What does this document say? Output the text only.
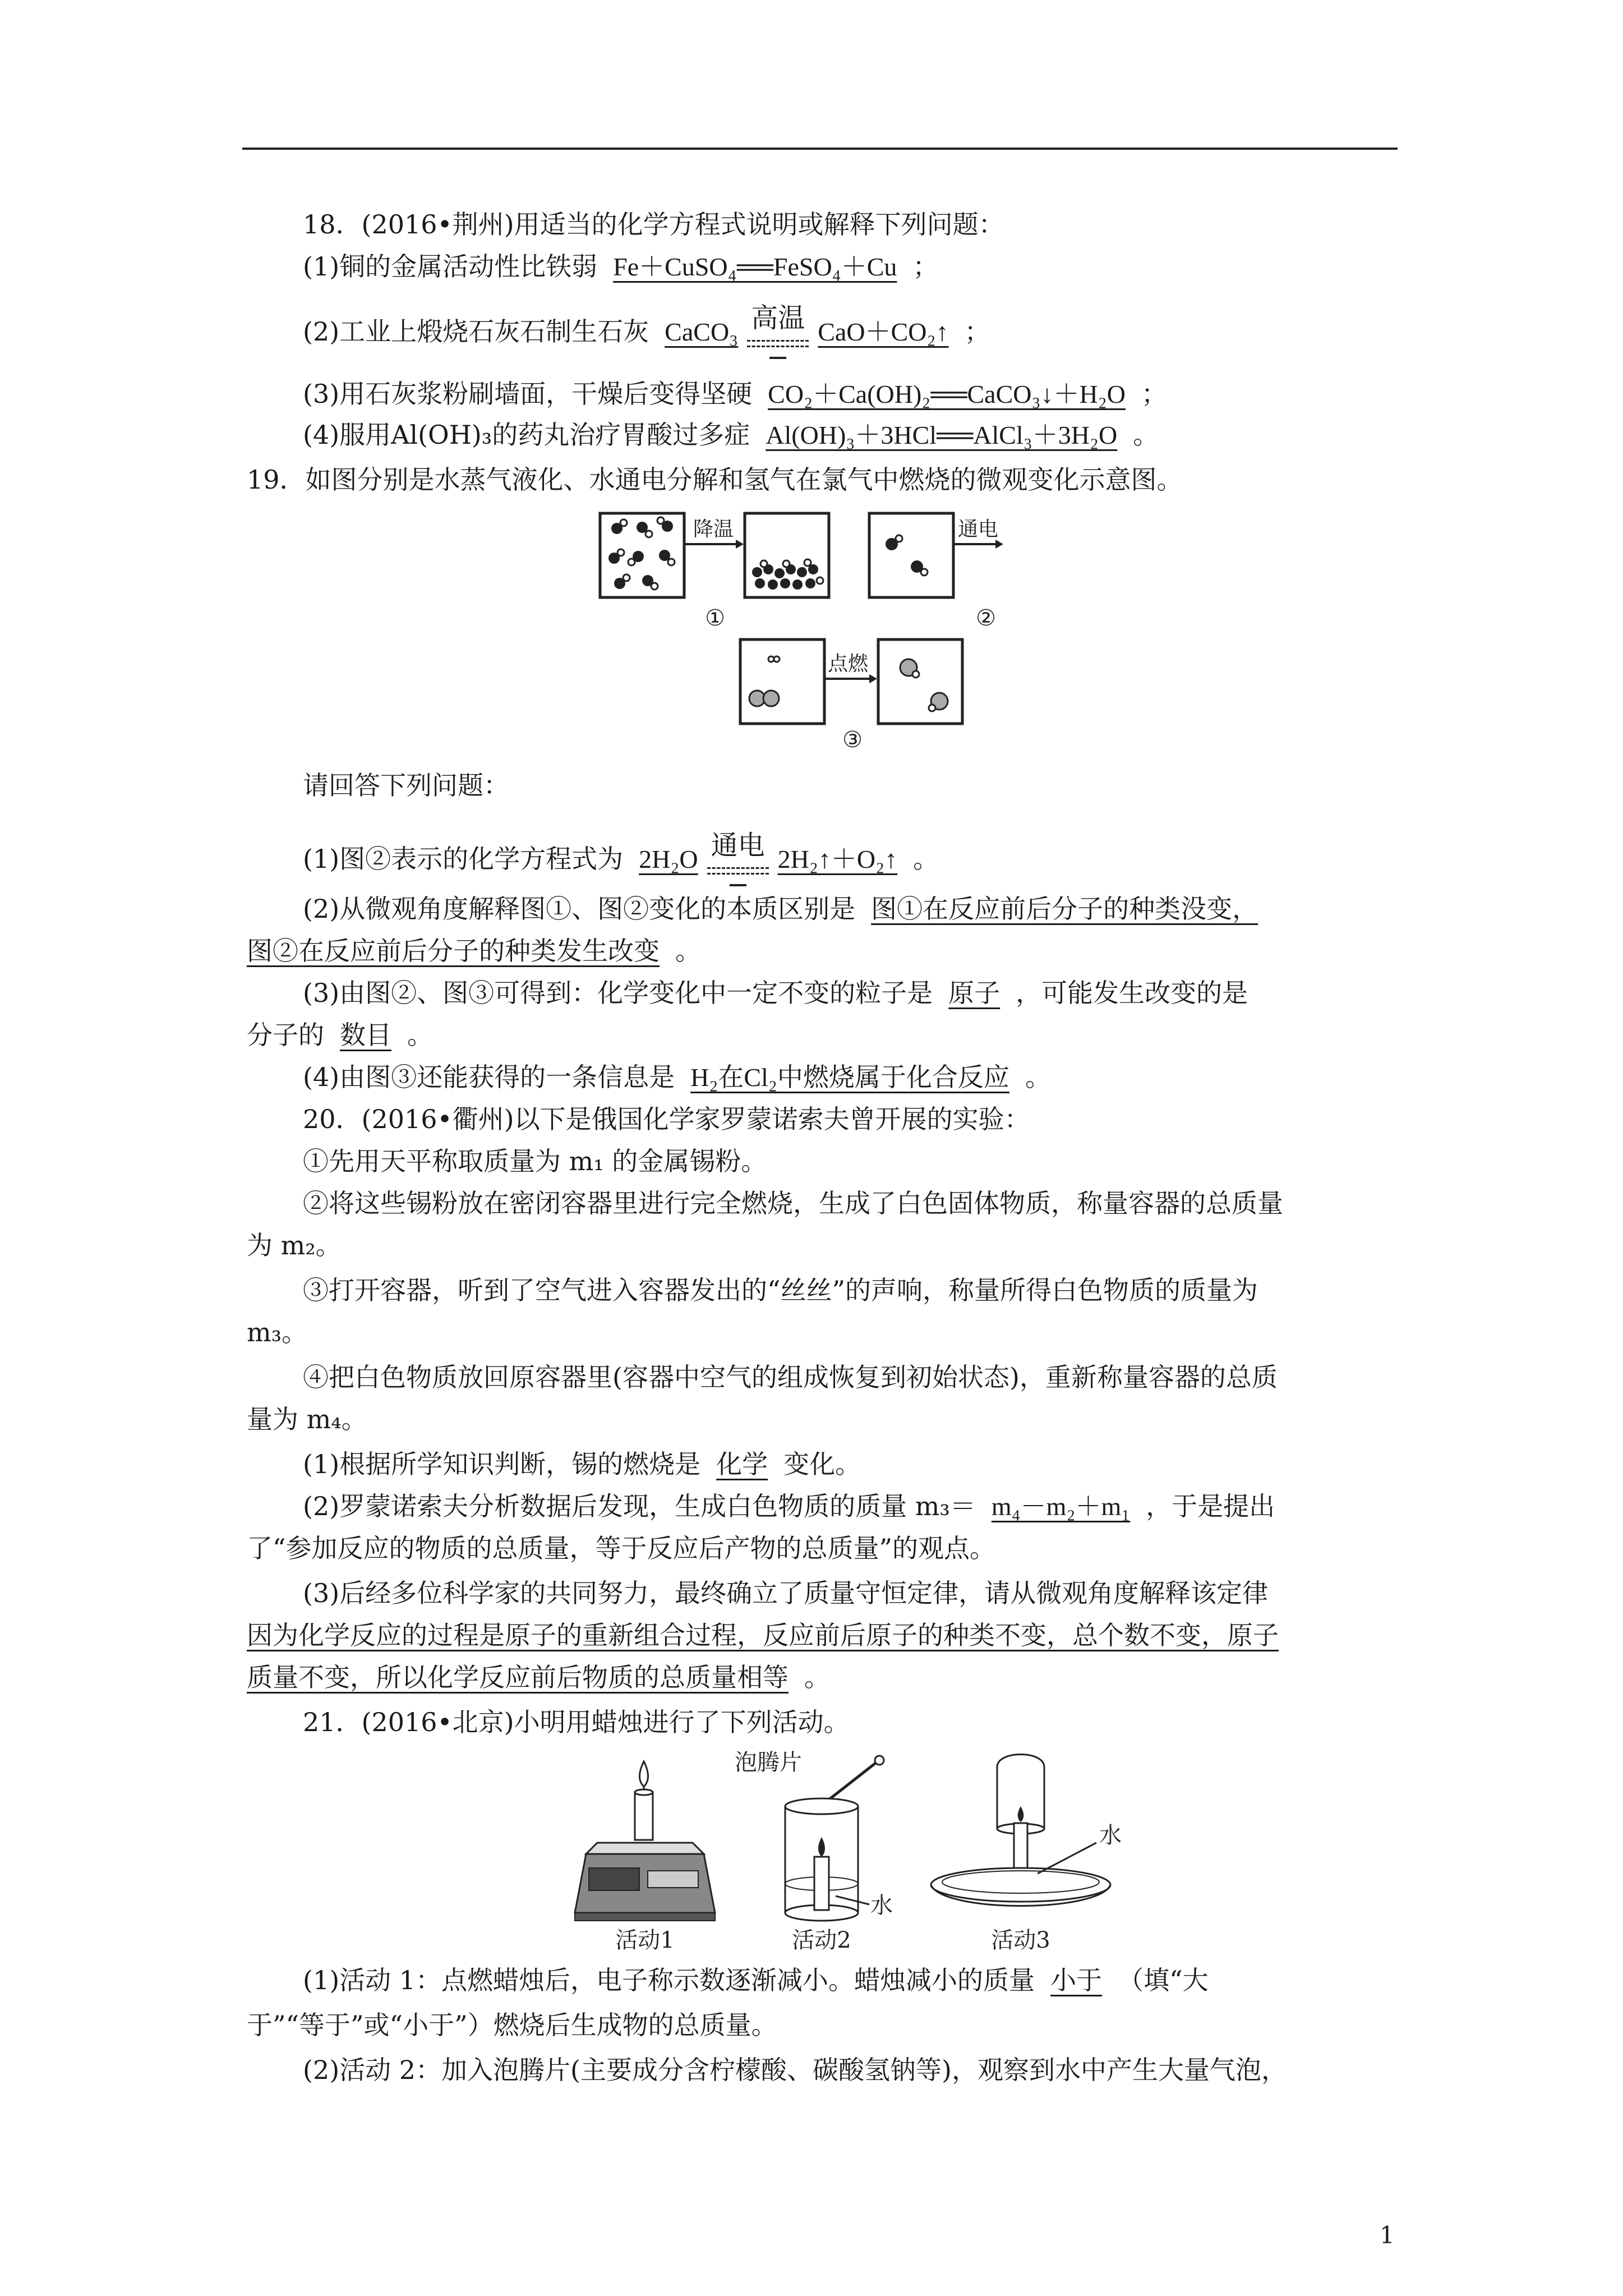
18．(2016•荆州)用适当的化学方程式说明或解释下列问题：
(1)铜的金属活动性比铁弱 Fe＋CuSO₄══FeSO₄＋Cu ；
(2)工业上煅烧石灰石制生石灰 CaCO₃ 高温 CaO＋CO₂↑ ；
(3)用石灰浆粉刷墙面，干燥后变得坚硬 CO₂＋Ca(OH)₂══CaCO₃↓＋H₂O ；
(4)服用Al(OH)₃的药丸治疗胃酸过多症 Al(OH)₃＋3HCl══AlCl₃＋3H₂O 。
19．如图分别是水蒸气液化、水通电分解和氢气在氯气中燃烧的微观变化示意图。
降温
①
通电
②
点燃
③
请回答下列问题：
(1)图②表示的化学方程式为 2H₂O 通电 2H₂↑＋O₂↑ 。
(2)从微观角度解释图①、图②变化的本质区别是 图①在反应前后分子的种类没变，
图②在反应前后分子的种类发生改变 。
(3)由图②、图③可得到：化学变化中一定不变的粒子是 原子 ，可能发生改变的是
分子的 数目 。
(4)由图③还能获得的一条信息是 H₂在Cl₂中燃烧属于化合反应 。
20．(2016•衢州)以下是俄国化学家罗蒙诺索夫曾开展的实验：
①先用天平称取质量为 m₁ 的金属锡粉。
②将这些锡粉放在密闭容器里进行完全燃烧，生成了白色固体物质，称量容器的总质量
为 m₂。
③打开容器，听到了空气进入容器发出的“丝丝”的声响，称量所得白色物质的质量为
m₃。
④把白色物质放回原容器里(容器中空气的组成恢复到初始状态)，重新称量容器的总质
量为 m₄。
(1)根据所学知识判断，锡的燃烧是 化学 变化。
(2)罗蒙诺索夫分析数据后发现，生成白色物质的质量 m₃＝ m₄－m₂＋m₁ ，于是提出
了“参加反应的物质的总质量，等于反应后产物的总质量”的观点。
(3)后经多位科学家的共同努力，最终确立了质量守恒定律，请从微观角度解释该定律
因为化学反应的过程是原子的重新组合过程，反应前后原子的种类不变，总个数不变，原子
质量不变，所以化学反应前后物质的总质量相等 。
21．(2016•北京)小明用蜡烛进行了下列活动。
活动1
泡腾片
水
活动2
水
活动3
(1)活动 1：点燃蜡烛后，电子称示数逐渐减小。蜡烛减小的质量 小于 （填“大
于”“等于”或“小于”）燃烧后生成物的总质量。
(2)活动 2：加入泡腾片(主要成分含柠檬酸、碳酸氢钠等)，观察到水中产生大量气泡，
1
